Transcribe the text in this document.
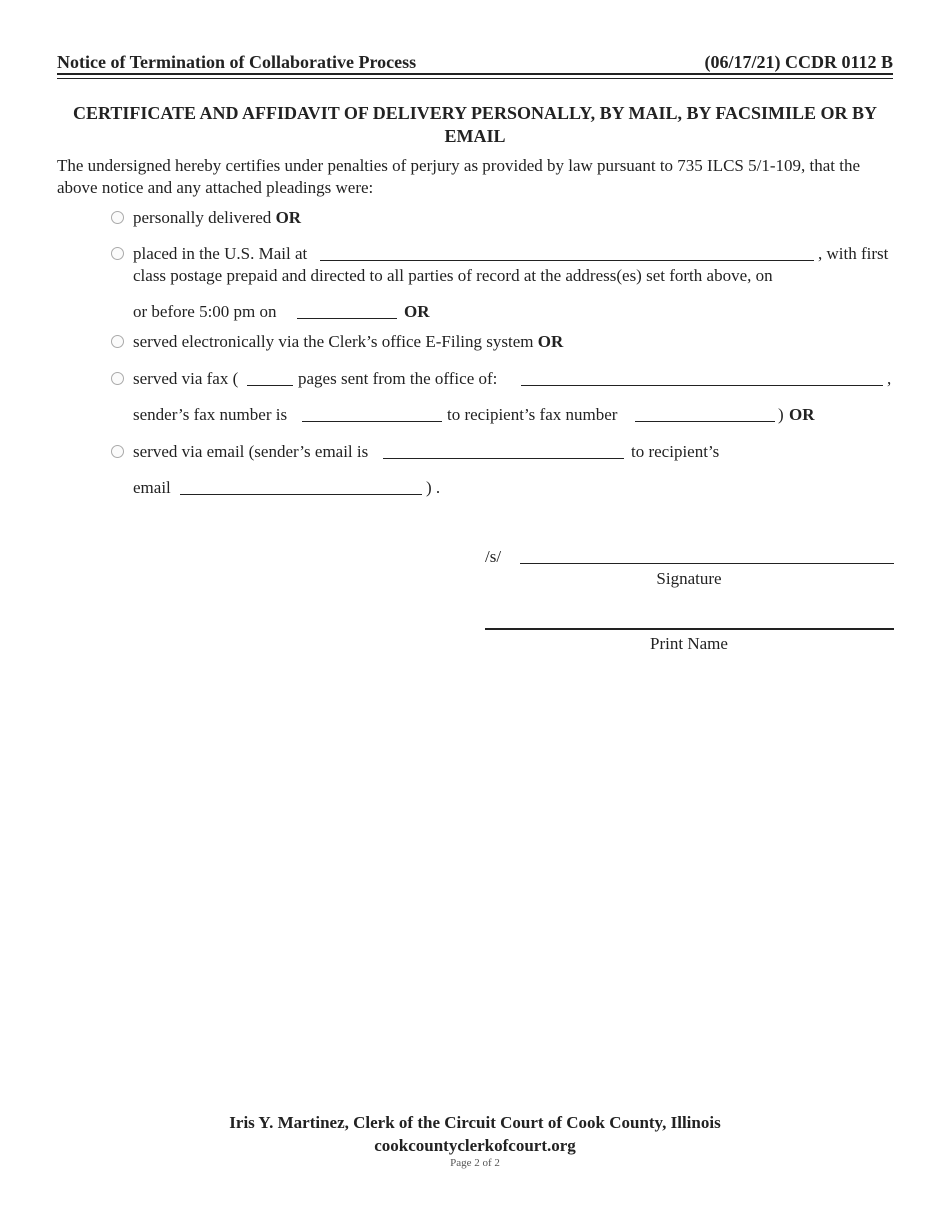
Notice of Termination of Collaborative Process	(06/17/21) CCDR 0112 B
CERTIFICATE AND AFFIDAVIT OF DELIVERY PERSONALLY, BY MAIL, BY FACSIMILE OR BY EMAIL
The undersigned hereby certifies under penalties of perjury as provided by law pursuant to 735 ILCS 5/1-109, that the above notice and any attached pleadings were:
personally delivered OR
placed in the U.S. Mail at	, with first
class postage prepaid and directed to all parties of record at the address(es) set forth above, on
or before 5:00 pm on	OR
served electronically via the Clerk’s office E-Filing system OR
served via fax (	pages sent from the office of:	,
sender’s fax number is	to recipient’s fax number	) OR
served via email (sender’s email is	to recipient’s
email	) .
/s/
Signature
Print Name
Iris Y. Martinez, Clerk of the Circuit Court of Cook County, Illinois
cookcountyclerkofcourt.org
Page 2 of 2
